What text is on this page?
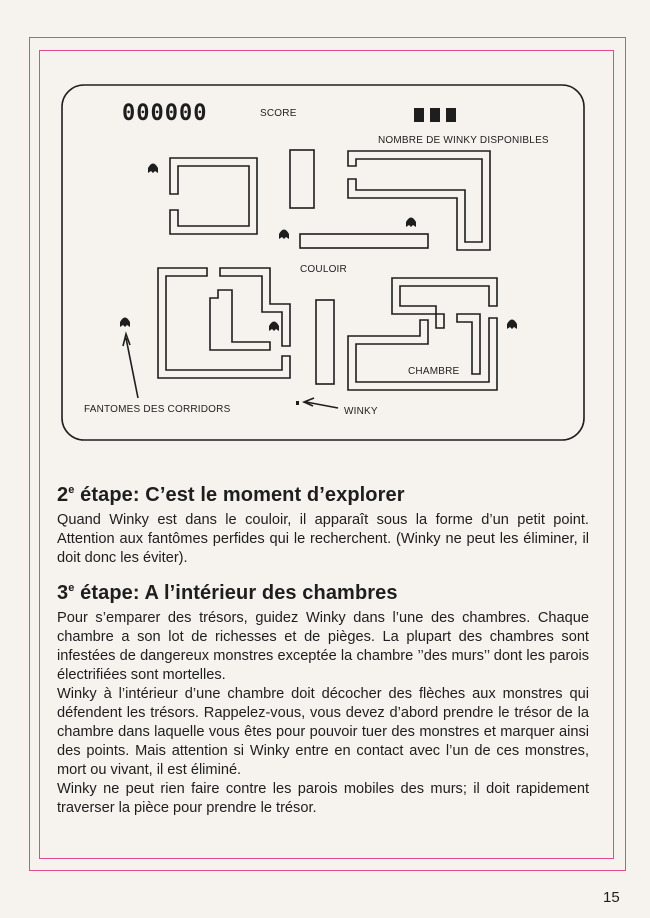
000000	SCORE
NOMBRE DE WINKY DISPONIBLES
COULOIR
CHAMBRE
FANTOMES DES CORRIDORS	WINKY
2e étape: C’est le moment d’explorer

Quand Winky est dans le couloir, il apparaît sous la forme d’un petit point. Attention aux fantômes perfides qui le recherchent. (Winky ne peut les éliminer, il doit donc les éviter).

3e étape: A l’intérieur des chambres

Pour s’emparer des trésors, guidez Winky dans l’une des chambres. Chaque chambre a son lot de richesses et de pièges. La plupart des chambres sont infestées de dangereux monstres exceptée la chambre ’’des murs’’ dont les parois électrifiées sont mortelles.

Winky à l’intérieur d’une chambre doit décocher des flèches aux monstres qui défendent les trésors. Rappelez-vous, vous devez d’abord prendre le trésor de la chambre dans laquelle vous êtes pour pouvoir tuer des monstres et marquer ainsi des points. Mais attention si Winky entre en contact avec l’un de ces monstres, mort ou vivant, il est éliminé.

Winky ne peut rien faire contre les parois mobiles des murs; il doit rapidement traverser la pièce pour prendre le trésor.

15
